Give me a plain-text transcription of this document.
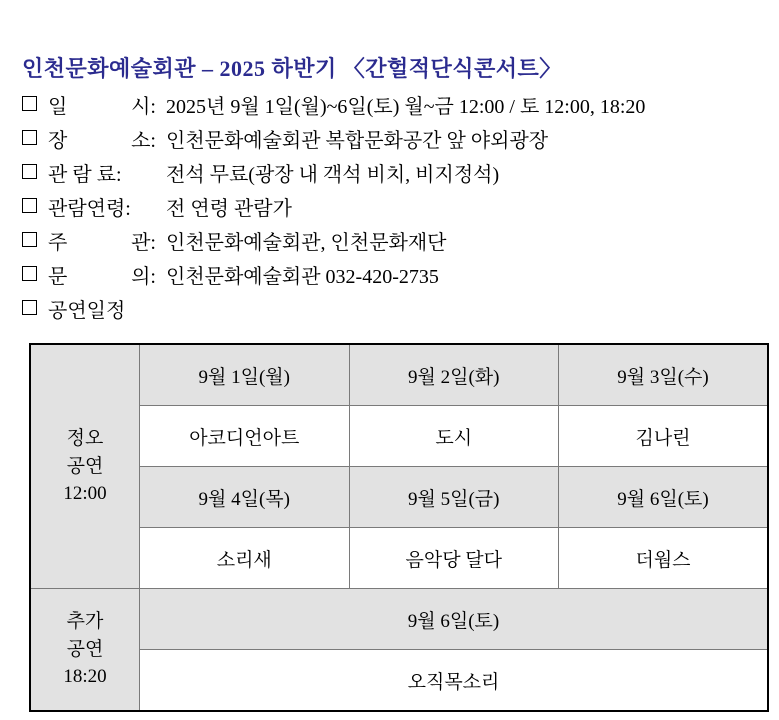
인천문화예술회관 – 2025 하반기 〈간헐적단식콘서트〉
일	시: 2025년 9월 1일(월)~6일(토) 월~금 12:00 / 토 12:00, 18:20
장	소: 인천문화예술회관 복합문화공간 앞 야외광장
관 람 료:	전석 무료(광장 내 객석 비치, 비지정석)
관람연령:	전 연령 관람가
주	관: 인천문화예술회관, 인천문화재단
문	의: 인천문화예술회관 032-420-2735
공연일정
정오
공연
12:00	9월 1일(월)	9월 2일(화)	9월 3일(수)
	아코디언아트	도시	김나린
	9월 4일(목)	9월 5일(금)	9월 6일(토)
	소리새	음악당 달다	더웜스

추가
공연
18:20	9월 6일(토)		
	오직목소리		
